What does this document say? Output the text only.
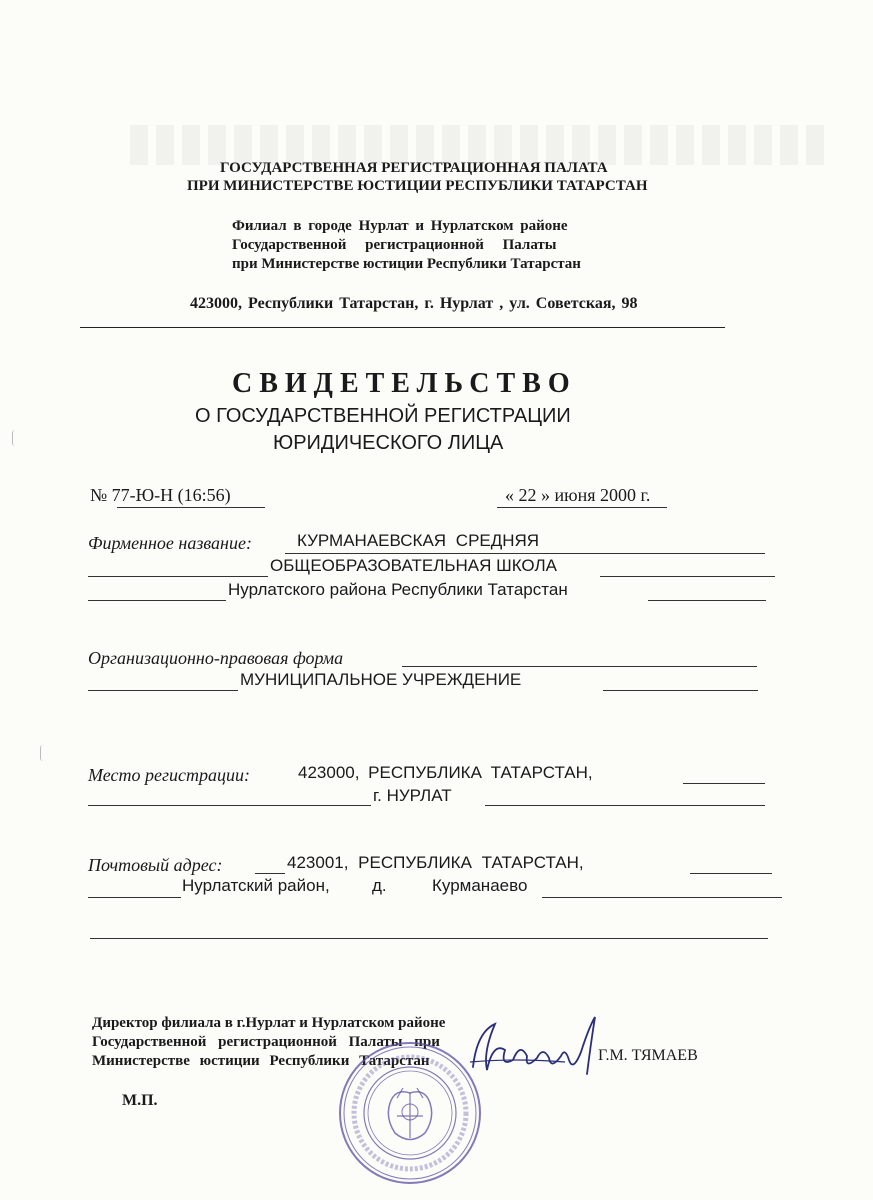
ГОСУДАРСТВЕННАЯ РЕГИСТРАЦИОННАЯ ПАЛАТА
ПРИ МИНИСТЕРСТВЕ ЮСТИЦИИ РЕСПУБЛИКИ ТАТАРСТАН
Филиал в городе Нурлат и Нурлатском районе
Государственной регистрационной Палаты
при Министерстве юстиции Республики Татарстан
423000, Республики Татарстан, г. Нурлат , ул. Советская, 98
СВИДЕТЕЛЬСТВО
О ГОСУДАРСТВЕННОЙ РЕГИСТРАЦИИ
ЮРИДИЧЕСКОГО ЛИЦА
№ 77-Ю-Н (16:56)	« 22 » июня 2000 г.
Фирменное название:	КУРМАНАЕВСКАЯ СРЕДНЯЯ
ОБЩЕОБРАЗОВАТЕЛЬНАЯ ШКОЛА
Нурлатского района Республики Татарстан
Организационно-правовая форма
МУНИЦИПАЛЬНОЕ УЧРЕЖДЕНИЕ
Место регистрации:	423000, РЕСПУБЛИКА ТАТАРСТАН,
г. НУРЛАТ
Почтовый адрес:	423001, РЕСПУБЛИКА ТАТАРСТАН,
Нурлатский район, д.	Курманаево
Директор филиала в г.Нурлат и Нурлатском районе
Государственной регистрационной Палаты при
Министерстве юстиции Республики Татарстан	Г.М. ТЯМАЕВ
М.П.
